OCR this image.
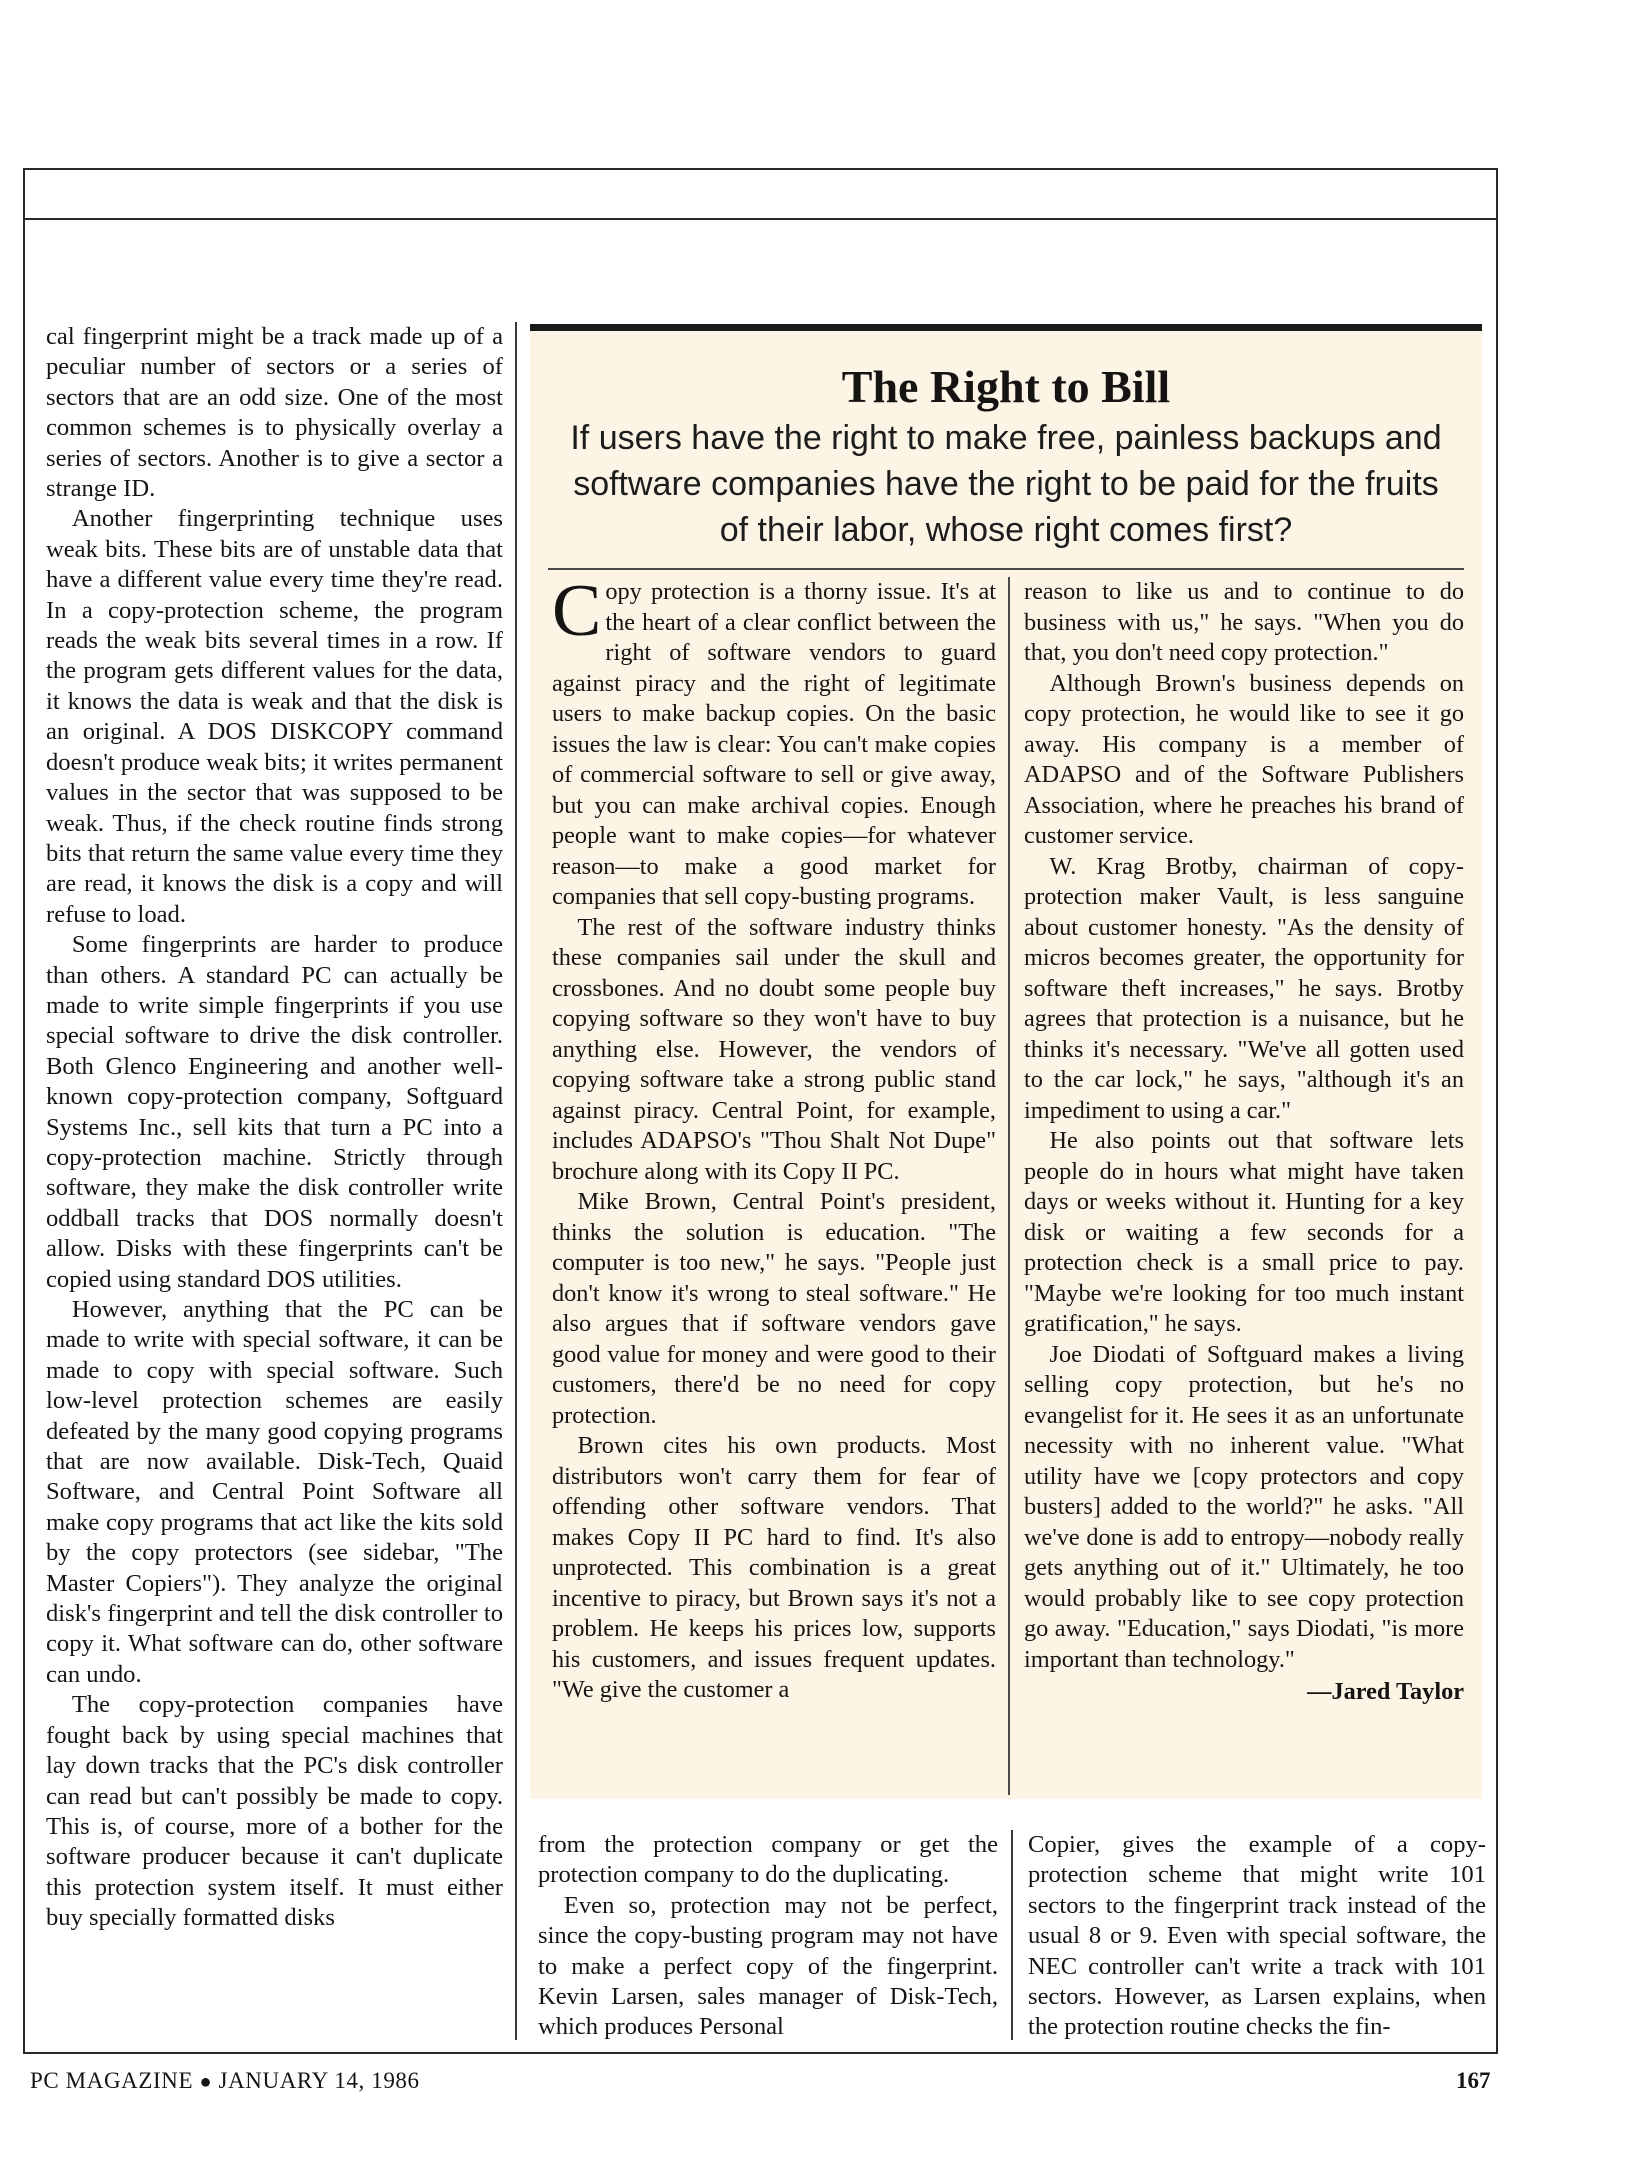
cal fingerprint might be a track made up of a peculiar number of sectors or a series of sectors that are an odd size. One of the most common schemes is to physically overlay a series of sectors. Another is to give a sector a strange ID.

Another fingerprinting technique uses weak bits. These bits are of unstable data that have a different value every time they're read. In a copy-protection scheme, the program reads the weak bits several times in a row. If the program gets different values for the data, it knows the data is weak and that the disk is an original. A DOS DISKCOPY command doesn't produce weak bits; it writes permanent values in the sector that was supposed to be weak. Thus, if the check routine finds strong bits that return the same value every time they are read, it knows the disk is a copy and will refuse to load.

Some fingerprints are harder to produce than others. A standard PC can actually be made to write simple fingerprints if you use special software to drive the disk controller. Both Glenco Engineering and another well-known copy-protection company, Softguard Systems Inc., sell kits that turn a PC into a copy-protection machine. Strictly through software, they make the disk controller write oddball tracks that DOS normally doesn't allow. Disks with these fingerprints can't be copied using standard DOS utilities.

However, anything that the PC can be made to write with special software, it can be made to copy with special software. Such low-level protection schemes are easily defeated by the many good copying programs that are now available. Disk-Tech, Quaid Software, and Central Point Software all make copy programs that act like the kits sold by the copy protectors (see sidebar, "The Master Copiers"). They analyze the original disk's fingerprint and tell the disk controller to copy it. What software can do, other software can undo.

The copy-protection companies have fought back by using special machines that lay down tracks that the PC's disk controller can read but can't possibly be made to copy. This is, of course, more of a bother for the software producer because it can't duplicate this protection system itself. It must either buy specially formatted disks

The Right to Bill
If users have the right to make free, painless backups and software companies have the right to be paid for the fruits of their labor, whose right comes first?

Copy protection is a thorny issue. It's at the heart of a clear conflict between the right of software vendors to guard against piracy and the right of legitimate users to make backup copies. On the basic issues the law is clear: You can't make copies of commercial software to sell or give away, but you can make archival copies. Enough people want to make copies—for whatever reason—to make a good market for companies that sell copy-busting programs.

The rest of the software industry thinks these companies sail under the skull and crossbones. And no doubt some people buy copying software so they won't have to buy anything else. However, the vendors of copying software take a strong public stand against piracy. Central Point, for example, includes ADAPSO's "Thou Shalt Not Dupe" brochure along with its Copy II PC.

Mike Brown, Central Point's president, thinks the solution is education. "The computer is too new," he says. "People just don't know it's wrong to steal software." He also argues that if software vendors gave good value for money and were good to their customers, there'd be no need for copy protection.

Brown cites his own products. Most distributors won't carry them for fear of offending other software vendors. That makes Copy II PC hard to find. It's also unprotected. This combination is a great incentive to piracy, but Brown says it's not a problem. He keeps his prices low, supports his customers, and issues frequent updates. "We give the customer a

reason to like us and to continue to do business with us," he says. "When you do that, you don't need copy protection."

Although Brown's business depends on copy protection, he would like to see it go away. His company is a member of ADAPSO and of the Software Publishers Association, where he preaches his brand of customer service.

W. Krag Brotby, chairman of copy-protection maker Vault, is less sanguine about customer honesty. "As the density of micros becomes greater, the opportunity for software theft increases," he says. Brotby agrees that protection is a nuisance, but he thinks it's necessary. "We've all gotten used to the car lock," he says, "although it's an impediment to using a car."

He also points out that software lets people do in hours what might have taken days or weeks without it. Hunting for a key disk or waiting a few seconds for a protection check is a small price to pay. "Maybe we're looking for too much instant gratification," he says.

Joe Diodati of Softguard makes a living selling copy protection, but he's no evangelist for it. He sees it as an unfortunate necessity with no inherent value. "What utility have we [copy protectors and copy busters] added to the world?" he asks. "All we've done is add to entropy—nobody really gets anything out of it." Ultimately, he too would probably like to see copy protection go away. "Education," says Diodati, "is more important than technology."

—Jared Taylor

from the protection company or get the protection company to do the duplicating.

Even so, protection may not be perfect, since the copy-busting program may not have to make a perfect copy of the fingerprint. Kevin Larsen, sales manager of Disk-Tech, which produces Personal

Copier, gives the example of a copy-protection scheme that might write 101 sectors to the fingerprint track instead of the usual 8 or 9. Even with special software, the NEC controller can't write a track with 101 sectors. However, as Larsen explains, when the protection routine checks the fin-

PC MAGAZINE ● JANUARY 14, 1986	167
